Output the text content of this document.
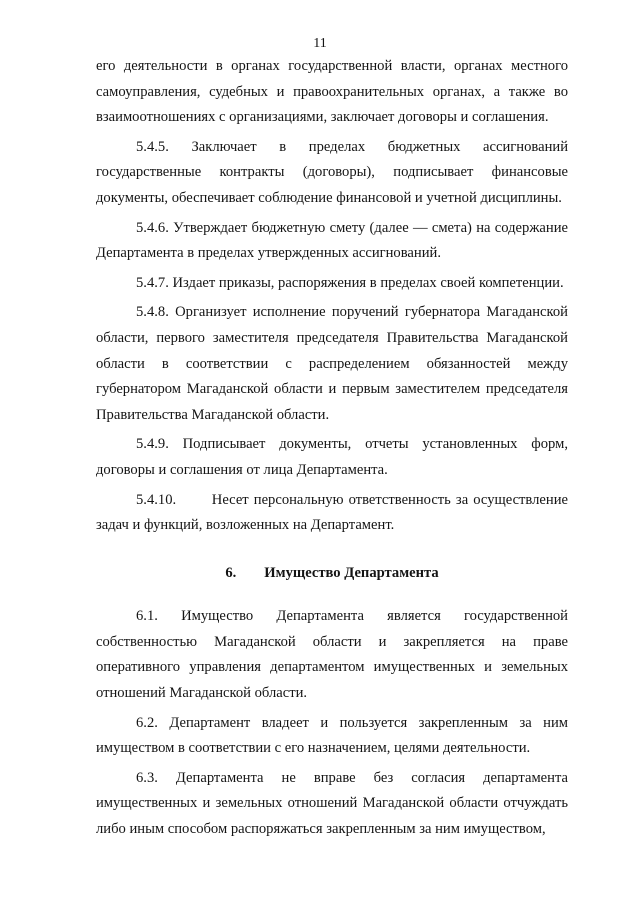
11

его деятельности в органах государственной власти, органах местного самоуправления, судебных и правоохранительных органах, а также во взаимоотношениях с организациями, заключает договоры и соглашения.

5.4.5. Заключает в пределах бюджетных ассигнований государственные контракты (договоры), подписывает финансовые документы, обеспечивает соблюдение финансовой и учетной дисциплины.

5.4.6. Утверждает бюджетную смету (далее — смета) на содержание Департамента в пределах утвержденных ассигнований.

5.4.7. Издает приказы, распоряжения в пределах своей компетенции.

5.4.8. Организует исполнение поручений губернатора Магаданской области, первого заместителя председателя Правительства Магаданской области в соответствии с распределением обязанностей между губернатором Магаданской области и первым заместителем председателя Правительства Магаданской области.

5.4.9. Подписывает документы, отчеты установленных форм, договоры и соглашения от лица Департамента.

5.4.10.       Несет персональную ответственность за осуществление задач и функций, возложенных на Департамент.

6. Имущество Департамента

6.1. Имущество Департамента является государственной собственностью Магаданской области и закрепляется на праве оперативного управления департаментом имущественных и земельных отношений Магаданской области.

6.2. Департамент владеет и пользуется закрепленным за ним имуществом в соответствии с его назначением, целями деятельности.

6.3. Департамента не вправе без согласия департамента имущественных и земельных отношений Магаданской области отчуждать либо иным способом распоряжаться закрепленным за ним имуществом,
